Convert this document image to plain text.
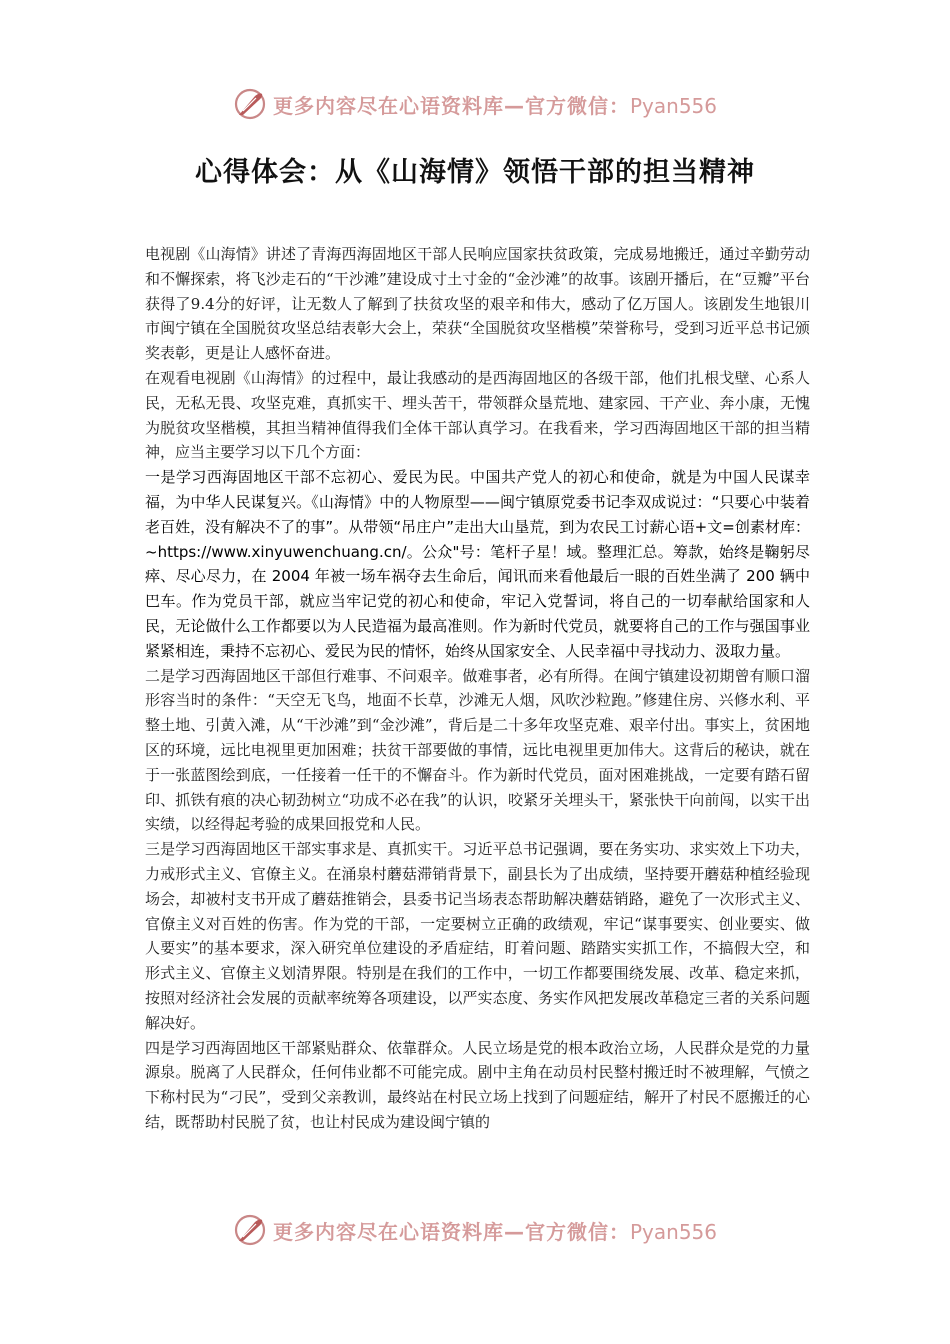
更多内容尽在心语资料库—官方微信：Pyan556
心得体会：从《山海情》领悟干部的担当精神

电视剧《山海情》讲述了青海西海固地区干部人民响应国家扶贫政策，完成易地搬迁，通过辛勤劳动和不懈探索，将飞沙走石的“干沙滩”建设成寸土寸金的“金沙滩”的故事。该剧开播后，在“豆瓣”平台获得了9.4分的好评，让无数人了解到了扶贫攻坚的艰辛和伟大，感动了亿万国人。该剧发生地银川市闽宁镇在全国脱贫攻坚总结表彰大会上，荣获“全国脱贫攻坚楷模”荣誉称号，受到习近平总书记颁奖表彰，更是让人感怀奋进。

在观看电视剧《山海情》的过程中，最让我感动的是西海固地区的各级干部，他们扎根戈壁、心系人民，无私无畏、攻坚克难，真抓实干、埋头苦干，带领群众垦荒地、建家园、干产业、奔小康，无愧为脱贫攻坚楷模，其担当精神值得我们全体干部认真学习。在我看来，学习西海固地区干部的担当精神，应当主要学习以下几个方面：

一是学习西海固地区干部不忘初心、爱民为民。中国共产党人的初心和使命，就是为中国人民谋幸福，为中华人民谋复兴。《山海情》中的人物原型——闽宁镇原党委书记李双成说过：“只要心中装着老百姓，没有解决不了的事”。从带领“吊庄户”走出大山垦荒，到为农民工讨薪心语+文=创素材库：~https://www.xinyuwenchuang.cn/。公众"号：笔杆子星！域。整理汇总。筹款，始终是鞠躬尽瘁、尽心尽力，在 2004 年被一场车祸夺去生命后，闻讯而来看他最后一眼的百姓坐满了 200 辆中巴车。作为党员干部，就应当牢记党的初心和使命，牢记入党誓词，将自己的一切奉献给国家和人民，无论做什么工作都要以为人民造福为最高准则。作为新时代党员，就要将自己的工作与强国事业紧紧相连，秉持不忘初心、爱民为民的情怀，始终从国家安全、人民幸福中寻找动力、汲取力量。

二是学习西海固地区干部但行难事、不问艰辛。做难事者，必有所得。在闽宁镇建设初期曾有顺口溜形容当时的条件：“天空无飞鸟，地面不长草，沙滩无人烟，风吹沙粒跑。”修建住房、兴修水利、平整土地、引黄入滩，从“干沙滩”到“金沙滩”，背后是二十多年攻坚克难、艰辛付出。事实上，贫困地区的环境，远比电视里更加困难；扶贫干部要做的事情，远比电视里更加伟大。这背后的秘诀，就在于一张蓝图绘到底，一任接着一任干的不懈奋斗。作为新时代党员，面对困难挑战，一定要有踏石留印、抓铁有痕的决心韧劲树立“功成不必在我”的认识，咬紧牙关埋头干，紧张快干向前闯，以实干出实绩，以经得起考验的成果回报党和人民。

三是学习西海固地区干部实事求是、真抓实干。习近平总书记强调，要在务实功、求实效上下功夫，力戒形式主义、官僚主义。在涌泉村蘑菇滞销背景下，副县长为了出成绩，坚持要开蘑菇种植经验现场会，却被村支书开成了蘑菇推销会，县委书记当场表态帮助解决蘑菇销路，避免了一次形式主义、官僚主义对百姓的伤害。作为党的干部，一定要树立正确的政绩观，牢记“谋事要实、创业要实、做人要实”的基本要求，深入研究单位建设的矛盾症结，盯着问题、踏踏实实抓工作，不搞假大空，和形式主义、官僚主义划清界限。特别是在我们的工作中，一切工作都要围绕发展、改革、稳定来抓，按照对经济社会发展的贡献率统筹各项建设，以严实态度、务实作风把发展改革稳定三者的关系问题解决好。

四是学习西海固地区干部紧贴群众、依靠群众。人民立场是党的根本政治立场，人民群众是党的力量源泉。脱离了人民群众，任何伟业都不可能完成。剧中主角在动员村民整村搬迁时不被理解，气愤之下称村民为“刁民”，受到父亲教训，最终站在村民立场上找到了问题症结，解开了村民不愿搬迁的心结，既帮助村民脱了贫，也让村民成为建设闽宁镇的

更多内容尽在心语资料库—官方微信：Pyan556
